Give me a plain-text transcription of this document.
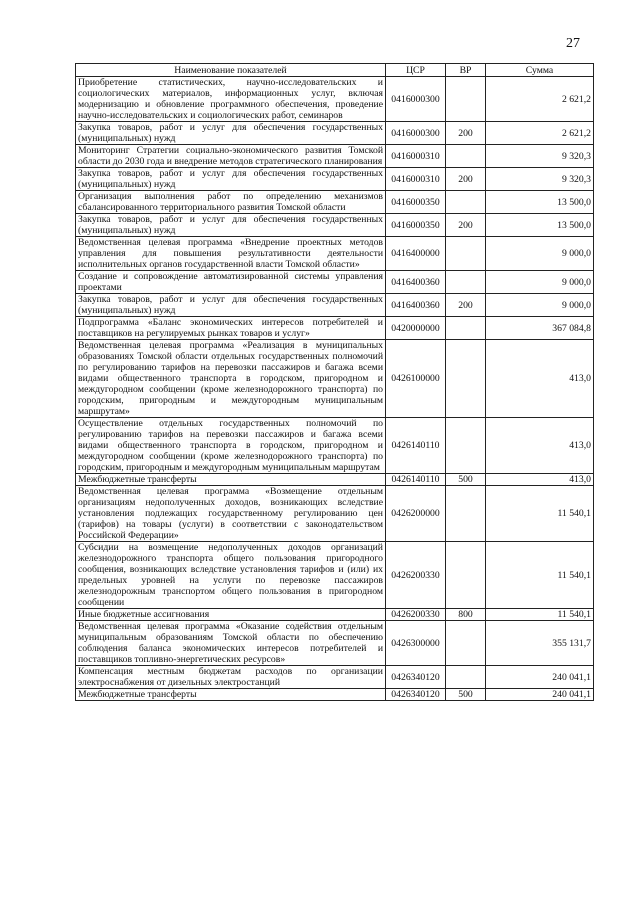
27
Наименование показателей	ЦСР	ВР	Сумма
Приобретение статистических, научно-исследовательских и социологических материалов, информационных услуг, включая модернизацию и обновление программного обеспечения, проведение научно-исследовательских и социологических работ, семинаров	0416000300		2 621,2
Закупка товаров, работ и услуг для обеспечения государственных (муниципальных) нужд	0416000300	200	2 621,2
Мониторинг Стратегии социально-экономического развития Томской области до 2030 года и внедрение методов стратегического планирования	0416000310		9 320,3
Закупка товаров, работ и услуг для обеспечения государственных (муниципальных) нужд	0416000310	200	9 320,3
Организация выполнения работ по определению механизмов сбалансированного территориального развития Томской области	0416000350		13 500,0
Закупка товаров, работ и услуг для обеспечения государственных (муниципальных) нужд	0416000350	200	13 500,0
Ведомственная целевая программа «Внедрение проектных методов управления для повышения результативности деятельности исполнительных органов государственной власти Томской области»	0416400000		9 000,0
Создание и сопровождение автоматизированной системы управления проектами	0416400360		9 000,0
Закупка товаров, работ и услуг для обеспечения государственных (муниципальных) нужд	0416400360	200	9 000,0
Подпрограмма «Баланс экономических интересов потребителей и поставщиков на регулируемых рынках товаров и услуг»	0420000000		367 084,8
Ведомственная целевая программа «Реализация в муниципальных образованиях Томской области отдельных государственных полномочий по регулированию тарифов на перевозки пассажиров и багажа всеми видами общественного транспорта в городском, пригородном и междугородном сообщении (кроме железнодорожного транспорта) по городским, пригородным и междугородным муниципальным маршрутам»	0426100000		413,0
Осуществление отдельных государственных полномочий по регулированию тарифов на перевозки пассажиров и багажа всеми видами общественного транспорта в городском, пригородном и междугородном сообщении (кроме железнодорожного транспорта) по городским, пригородным и междугородным муниципальным маршрутам	0426140110		413,0
Межбюджетные трансферты	0426140110	500	413,0
Ведомственная целевая программа «Возмещение отдельным организациям недополученных доходов, возникающих вследствие установления подлежащих государственному регулированию цен (тарифов) на товары (услуги) в соответствии с законодательством Российской Федерации»	0426200000		11 540,1
Субсидии на возмещение недополученных доходов организаций железнодорожного транспорта общего пользования пригородного сообщения, возникающих вследствие установления тарифов и (или) их предельных уровней на услуги по перевозке пассажиров железнодорожным транспортом общего пользования в пригородном сообщении	0426200330		11 540,1
Иные бюджетные ассигнования	0426200330	800	11 540,1
Ведомственная целевая программа «Оказание содействия отдельным муниципальным образованиям Томской области по обеспечению соблюдения баланса экономических интересов потребителей и поставщиков топливно-энергетических ресурсов»	0426300000		355 131,7
Компенсация местным бюджетам расходов по организации электроснабжения от дизельных электростанций	0426340120		240 041,1
Межбюджетные трансферты	0426340120	500	240 041,1
